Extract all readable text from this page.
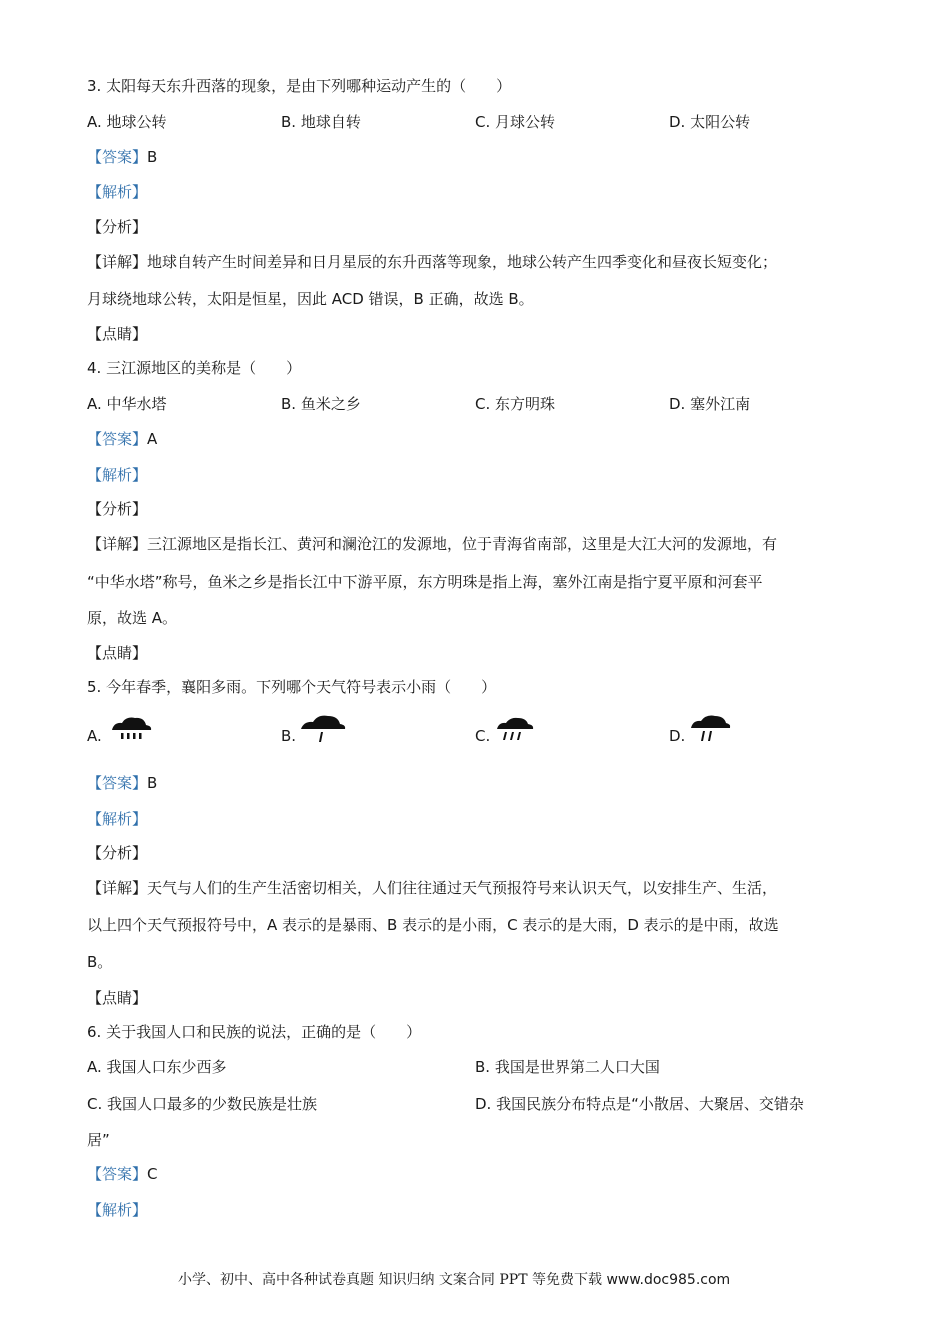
3. 太阳每天东升西落的现象，是由下列哪种运动产生的（　　）
A. 地球公转	B. 地球自转	C. 月球公转	D. 太阳公转
【答案】B
【解析】
【分析】
【详解】地球自转产生时间差异和日月星辰的东升西落等现象，地球公转产生四季变化和昼夜长短变化；
月球绕地球公转，太阳是恒星，因此 ACD 错误，B 正确，故选 B。
【点睛】
4. 三江源地区的美称是（　　）
A. 中华水塔	B. 鱼米之乡	C. 东方明珠	D. 塞外江南
【答案】A
【解析】
【分析】
【详解】三江源地区是指长江、黄河和澜沧江的发源地，位于青海省南部，这里是大江大河的发源地，有
“中华水塔”称号，鱼米之乡是指长江中下游平原，东方明珠是指上海，塞外江南是指宁夏平原和河套平
原，故选 A。
【点睛】
5. 今年春季，襄阳多雨。下列哪个天气符号表示小雨（　　）
A.	B.	C.	D.
【答案】B
【解析】
【分析】
【详解】天气与人们的生产生活密切相关，人们往往通过天气预报符号来认识天气，以安排生产、生活，
以上四个天气预报符号中，A 表示的是暴雨、B 表示的是小雨，C 表示的是大雨，D 表示的是中雨，故选
B。
【点睛】
6. 关于我国人口和民族的说法，正确的是（　　）
A. 我国人口东少西多	B. 我国是世界第二人口大国
C. 我国人口最多的少数民族是壮族	D. 我国民族分布特点是“小散居、大聚居、交错杂
居”
【答案】C
【解析】
小学、初中、高中各种试卷真题 知识归纳 文案合同 PPT 等免费下载 www.doc985.com
